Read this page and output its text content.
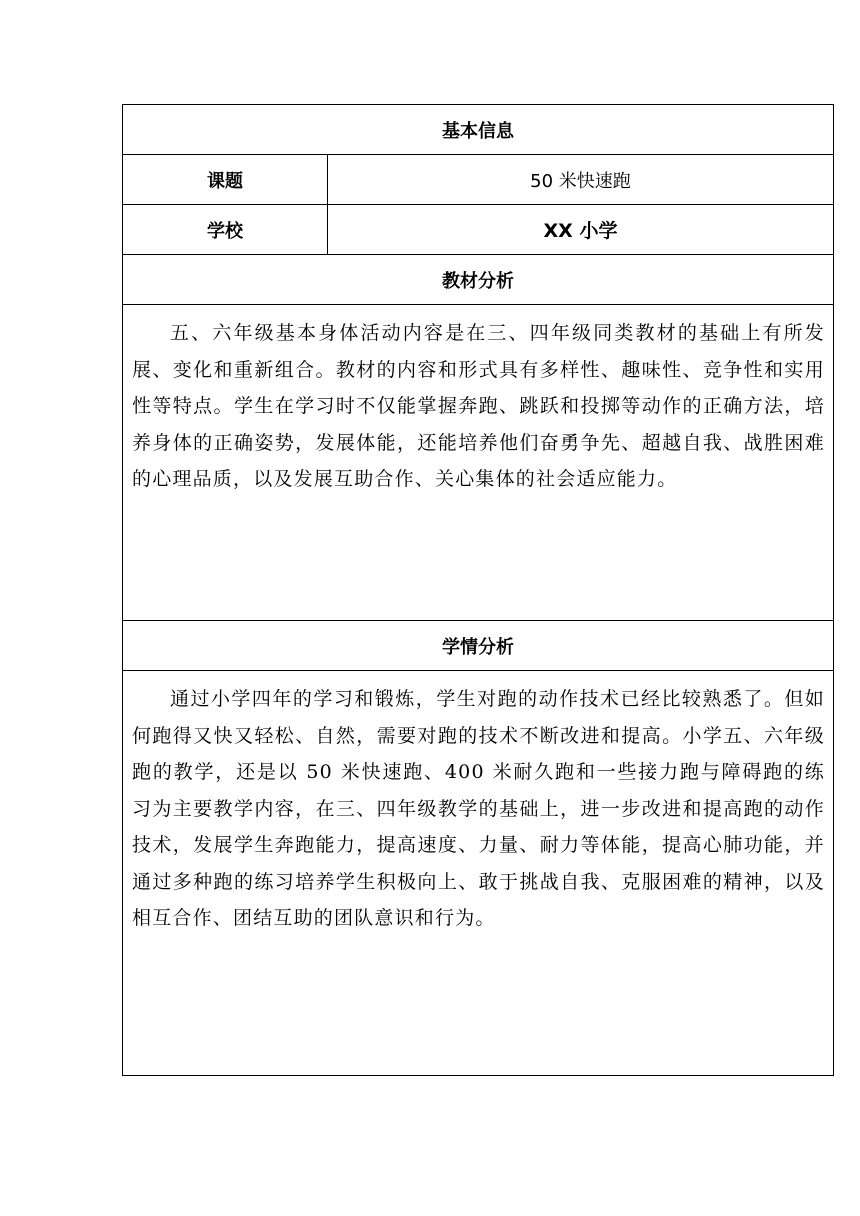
基本信息	
课题	50 米快速跑
学校	XX 小学
教材分析	

五、六年级基本身体活动内容是在三、四年级同类教材的基础上有所发展、变化和重新组合。教材的内容和形式具有多样性、趣味性、竞争性和实用性等特点。学生在学习时不仅能掌握奔跑、跳跃和投掷等动作的正确方法，培养身体的正确姿势，发展体能，还能培养他们奋勇争先、超越自我、战胜困难的心理品质，以及发展互助合作、关心集体的社会适应能力。	

学情分析	

通过小学四年的学习和锻炼，学生对跑的动作技术已经比较熟悉了。但如何跑得又快又轻松、自然，需要对跑的技术不断改进和提高。小学五、六年级跑的教学，还是以 50 米快速跑、400 米耐久跑和一些接力跑与障碍跑的练习为主要教学内容，在三、四年级教学的基础上，进一步改进和提高跑的动作技术，发展学生奔跑能力，提高速度、力量、耐力等体能，提高心肺功能，并通过多种跑的练习培养学生积极向上、敢于挑战自我、克服困难的精神，以及相互合作、团结互助的团队意识和行为。	
